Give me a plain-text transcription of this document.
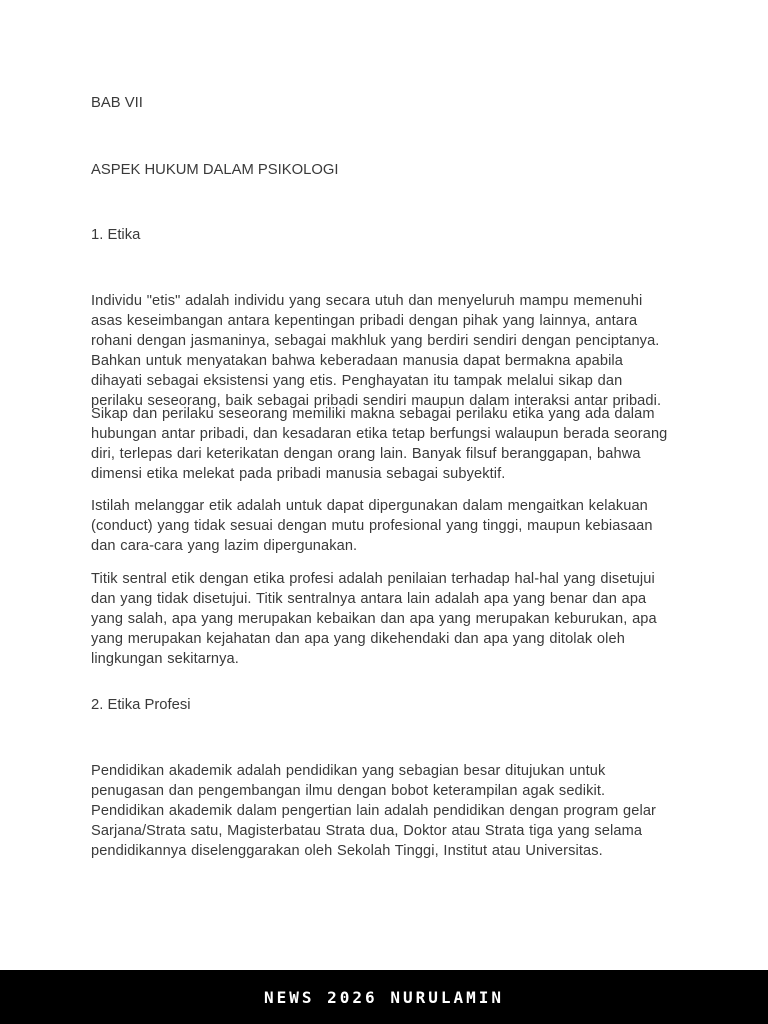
BAB VII
ASPEK HUKUM DALAM PSIKOLOGI
1. Etika

Individu "etis" adalah individu yang secara utuh dan menyeluruh mampu memenuhi asas keseimbangan antara kepentingan pribadi dengan pihak yang lainnya, antara rohani dengan jasmaninya, sebagai makhluk yang berdiri sendiri dengan penciptanya. Bahkan untuk menyatakan bahwa keberadaan manusia dapat bermakna apabila dihayati sebagai eksistensi yang etis. Penghayatan itu tampak melalui sikap dan perilaku seseorang, baik sebagai pribadi sendiri maupun dalam interaksi antar pribadi.

Sikap dan perilaku seseorang memiliki makna sebagai perilaku etika yang ada dalam hubungan antar pribadi, dan kesadaran etika tetap berfungsi walaupun berada seorang diri, terlepas dari keterikatan dengan orang lain. Banyak filsuf beranggapan, bahwa dimensi etika melekat pada pribadi manusia sebagai subyektif.

Istilah melanggar etik adalah untuk dapat dipergunakan dalam mengaitkan kelakuan (conduct) yang tidak sesuai dengan mutu profesional yang tinggi, maupun kebiasaan dan cara-cara yang lazim dipergunakan.

Titik sentral etik dengan etika profesi adalah penilaian terhadap hal-hal yang disetujui dan yang tidak disetujui. Titik sentralnya antara lain adalah apa yang benar dan apa yang salah, apa yang merupakan kebaikan dan apa yang merupakan keburukan, apa yang merupakan kejahatan dan apa yang dikehendaki dan apa yang ditolak oleh lingkungan sekitarnya.

2. Etika Profesi

Pendidikan akademik adalah pendidikan yang sebagian besar ditujukan untuk penugasan dan pengembangan ilmu dengan bobot keterampilan agak sedikit. Pendidikan akademik dalam pengertian lain adalah pendidikan dengan program gelar Sarjana/Strata satu, Magisterbatau Strata dua, Doktor atau Strata tiga yang selama pendidikannya diselenggarakan oleh Sekolah Tinggi, Institut atau Universitas.

NEWS 2026 NURULAMIN
